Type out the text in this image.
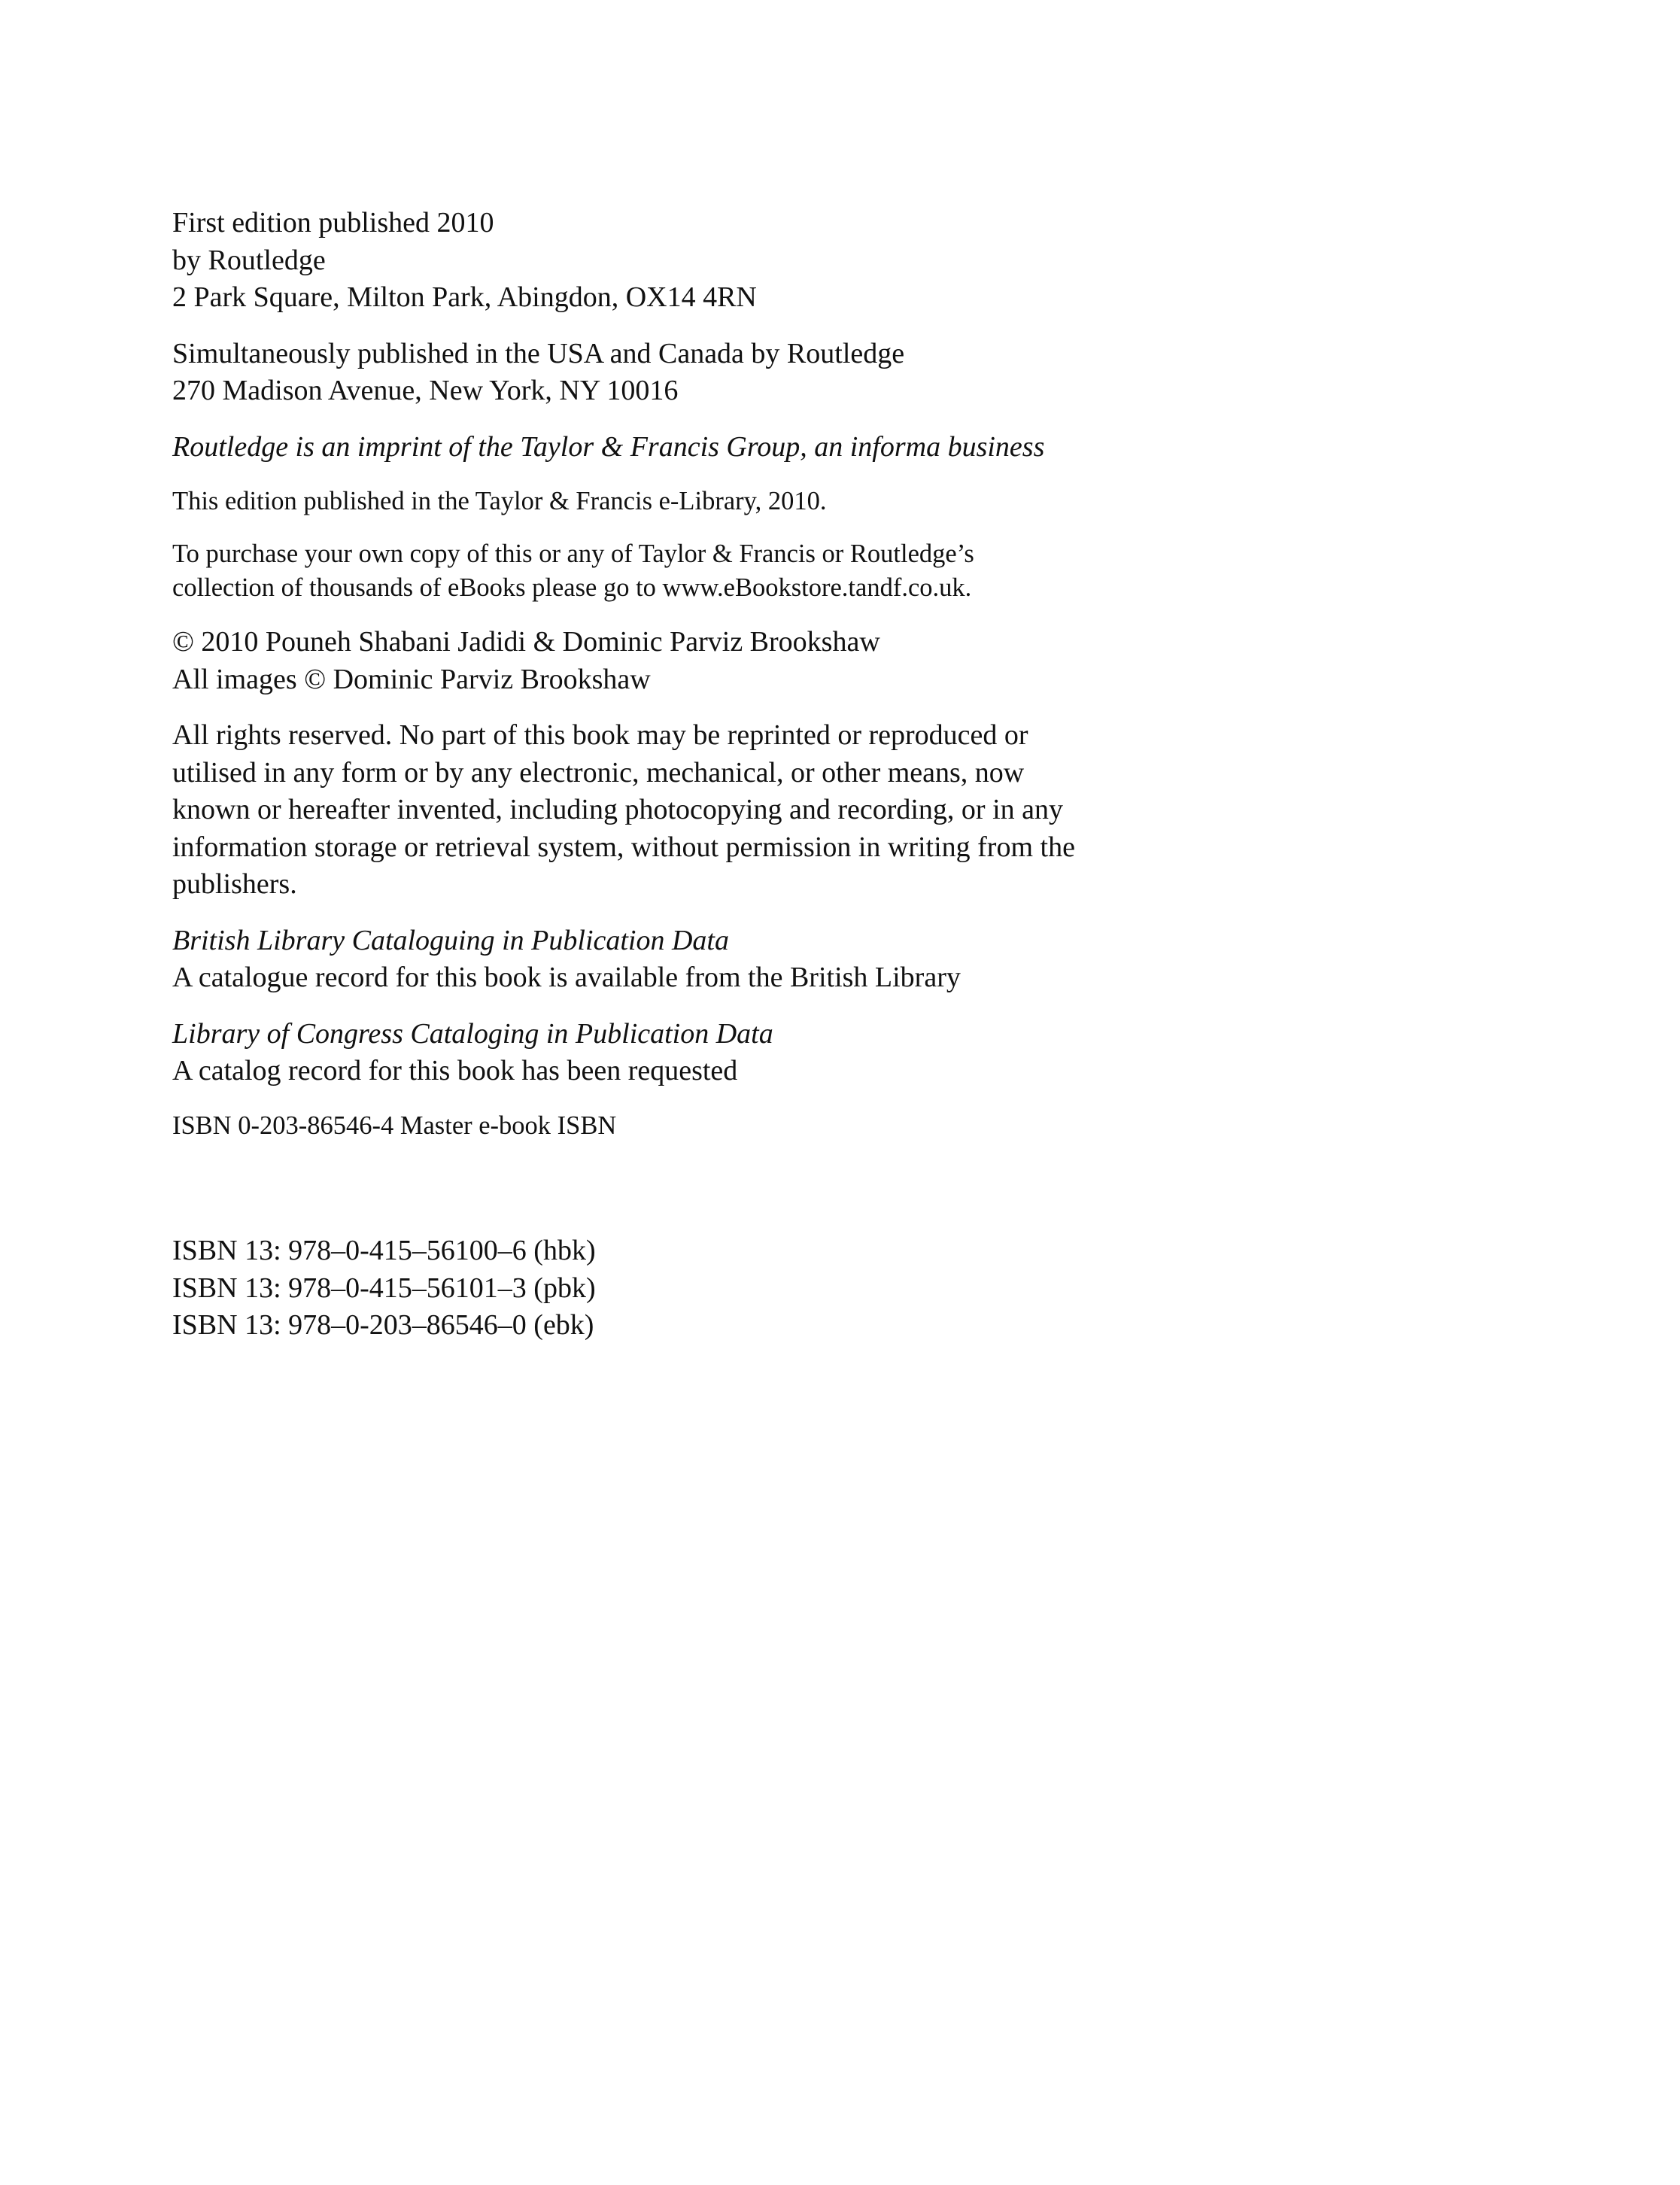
First edition published 2010
by Routledge
2 Park Square, Milton Park, Abingdon, OX14 4RN
Simultaneously published in the USA and Canada by Routledge
270 Madison Avenue, New York, NY 10016
Routledge is an imprint of the Taylor & Francis Group, an informa business
This edition published in the Taylor & Francis e-Library, 2010.
To purchase your own copy of this or any of Taylor & Francis or Routledge’s
collection of thousands of eBooks please go to www.eBookstore.tandf.co.uk.
© 2010 Pouneh Shabani Jadidi & Dominic Parviz Brookshaw
All images © Dominic Parviz Brookshaw
All rights reserved. No part of this book may be reprinted or reproduced or
utilised in any form or by any electronic, mechanical, or other means, now
known or hereafter invented, including photocopying and recording, or in any
information storage or retrieval system, without permission in writing from the
publishers.
British Library Cataloguing in Publication Data
A catalogue record for this book is available from the British Library
Library of Congress Cataloging in Publication Data
A catalog record for this book has been requested
ISBN 0-203-86546-4 Master e-book ISBN
ISBN 13: 978–0-415–56100–6 (hbk)
ISBN 13: 978–0-415–56101–3 (pbk)
ISBN 13: 978–0-203–86546–0 (ebk)
